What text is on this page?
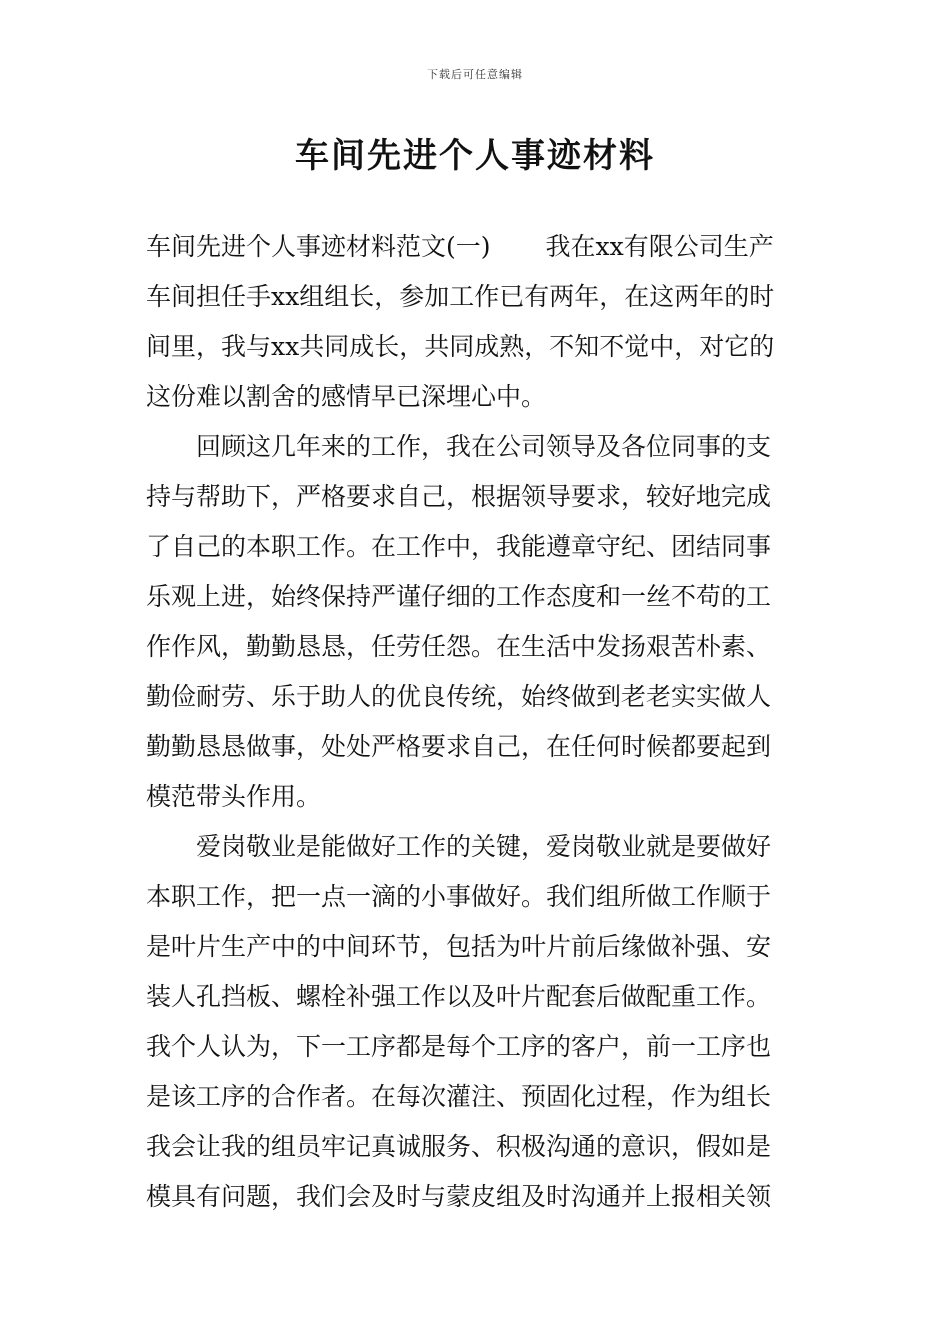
下载后可任意编辑
车间先进个人事迹材料
车间先进个人事迹材料范文(一) 我在xx有限公司生产
车间担任手xx组组长，参加工作已有两年，在这两年的时
间里，我与xx共同成长，共同成熟，不知不觉中，对它的
这份难以割舍的感情早已深埋心中。
　　回顾这几年来的工作，我在公司领导及各位同事的支
持与帮助下，严格要求自己，根据领导要求，较好地完成
了自己的本职工作。在工作中，我能遵章守纪、团结同事
乐观上进，始终保持严谨仔细的工作态度和一丝不苟的工
作作风，勤勤恳恳，任劳任怨。在生活中发扬艰苦朴素、
勤俭耐劳、乐于助人的优良传统，始终做到老老实实做人
勤勤恳恳做事，处处严格要求自己，在任何时候都要起到
模范带头作用。
　　爱岗敬业是能做好工作的关键，爱岗敬业就是要做好
本职工作，把一点一滴的小事做好。我们组所做工作顺于
是叶片生产中的中间环节，包括为叶片前后缘做补强、安
装人孔挡板、螺栓补强工作以及叶片配套后做配重工作。
我个人认为，下一工序都是每个工序的客户，前一工序也
是该工序的合作者。在每次灌注、预固化过程，作为组长
我会让我的组员牢记真诚服务、积极沟通的意识，假如是
模具有问题，我们会及时与蒙皮组及时沟通并上报相关领
